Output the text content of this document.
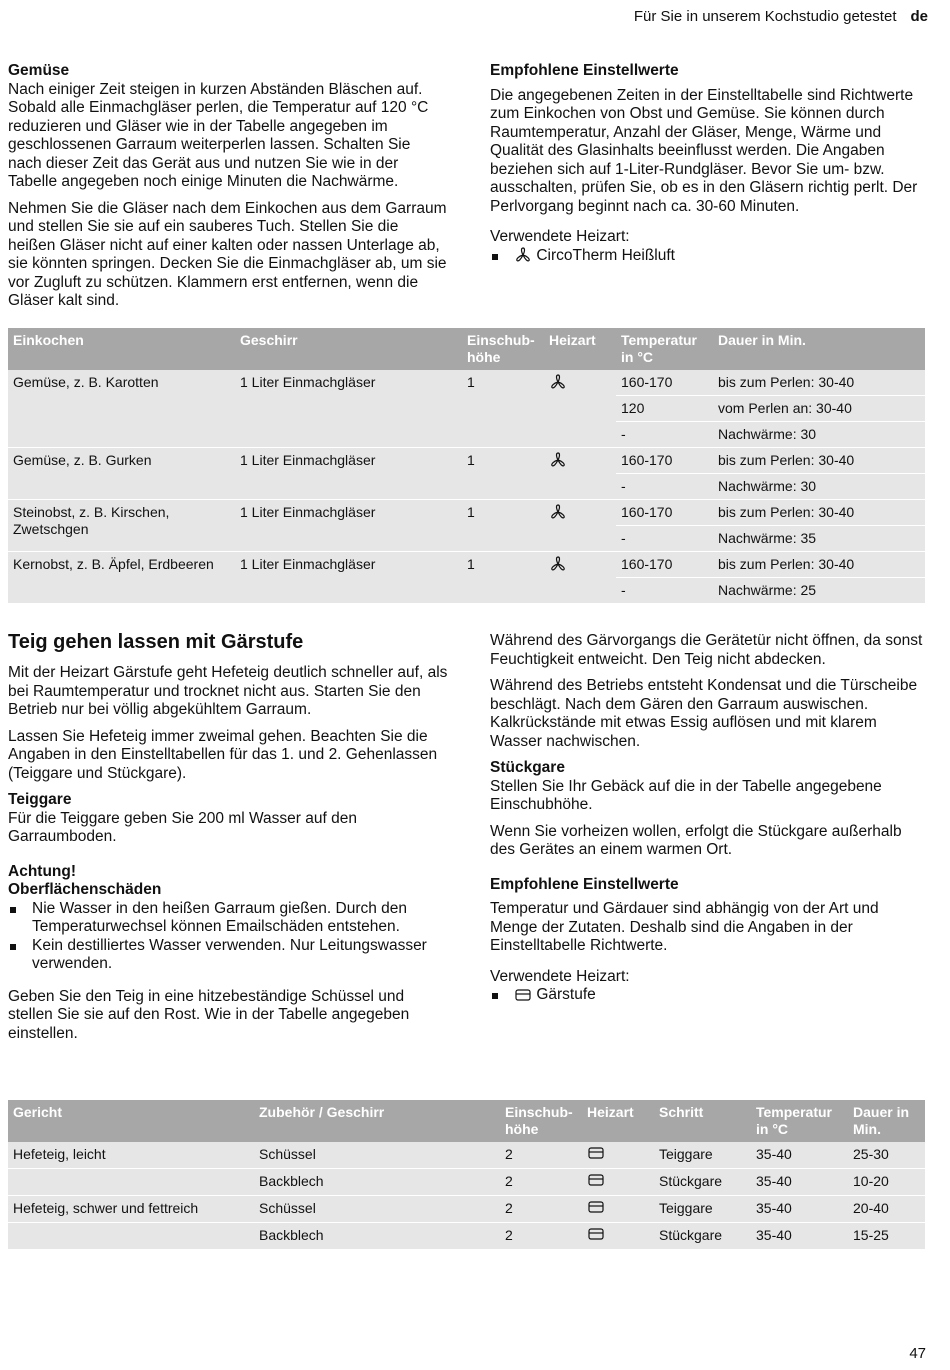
Für Sie in unserem Kochstudio getestet de
Gemüse

Nach einiger Zeit steigen in kurzen Abständen Bläschen auf. Sobald alle Einmachgläser perlen, die Temperatur auf 120 °C reduzieren und Gläser wie in der Tabelle angegeben im geschlossenen Garraum weiterperlen lassen. Schalten Sie nach dieser Zeit das Gerät aus und nutzen Sie wie in der Tabelle angegeben noch einige Minuten die Nachwärme.

Nehmen Sie die Gläser nach dem Einkochen aus dem Garraum und stellen Sie sie auf ein sauberes Tuch. Stellen Sie die heißen Gläser nicht auf einer kalten oder nassen Unterlage ab, sie könnten springen. Decken Sie die Einmachgläser ab, um sie vor Zugluft zu schützen. Klammern erst entfernen, wenn die Gläser kalt sind.

Empfohlene Einstellwerte

Die angegebenen Zeiten in der Einstelltabelle sind Richtwerte zum Einkochen von Obst und Gemüse. Sie können durch Raumtemperatur, Anzahl der Gläser, Menge, Wärme und Qualität des Glasinhalts beeinflusst werden. Die Angaben beziehen sich auf 1-Liter-Rundgläser. Bevor Sie um- bzw. ausschalten, prüfen Sie, ob es in den Gläsern richtig perlt. Der Perlvorgang beginnt nach ca. 30-60 Minuten.

Verwendete Heizart:
CircoTherm Heißluft
Einkochen	Geschirr	Einschub-höhe	Heizart	Temperatur in °C	Dauer in Min.
Gemüse, z. B. Karotten	1 Liter Einmachgläser	1		160-170	bis zum Perlen: 30-40
				120	vom Perlen an: 30-40
				-	Nachwärme: 30
Gemüse, z. B. Gurken	1 Liter Einmachgläser	1		160-170	bis zum Perlen: 30-40
				-	Nachwärme: 30
Steinobst, z. B. Kirschen, Zwetschgen	1 Liter Einmachgläser	1		160-170	bis zum Perlen: 30-40
				-	Nachwärme: 35
Kernobst, z. B. Äpfel, Erdbeeren	1 Liter Einmachgläser	1		160-170	bis zum Perlen: 30-40
				-	Nachwärme: 25
Teig gehen lassen mit Gärstufe

Mit der Heizart Gärstufe geht Hefeteig deutlich schneller auf, als bei Raumtemperatur und trocknet nicht aus. Starten Sie den Betrieb nur bei völlig abgekühltem Garraum.

Lassen Sie Hefeteig immer zweimal gehen. Beachten Sie die Angaben in den Einstelltabellen für das 1. und 2. Gehenlassen (Teiggare und Stückgare).

Teiggare

Für die Teiggare geben Sie 200 ml Wasser auf den Garraumboden.

Achtung!
Oberflächenschäden
Nie Wasser in den heißen Garraum gießen. Durch den Temperaturwechsel können Emailschäden entstehen.
Kein destilliertes Wasser verwenden. Nur Leitungswasser verwenden.

Geben Sie den Teig in eine hitzebeständige Schüssel und stellen Sie sie auf den Rost. Wie in der Tabelle angegeben einstellen.

Während des Gärvorgangs die Gerätetür nicht öffnen, da sonst Feuchtigkeit entweicht. Den Teig nicht abdecken.

Während des Betriebs entsteht Kondensat und die Türscheibe beschlägt. Nach dem Gären den Garraum auswischen. Kalkrückstände mit etwas Essig auflösen und mit klarem Wasser nachwischen.

Stückgare

Stellen Sie Ihr Gebäck auf die in der Tabelle angegebene Einschubhöhe.

Wenn Sie vorheizen wollen, erfolgt die Stückgare außerhalb des Gerätes an einem warmen Ort.

Empfohlene Einstellwerte

Temperatur und Gärdauer sind abhängig von der Art und Menge der Zutaten. Deshalb sind die Angaben in der Einstelltabelle Richtwerte.

Verwendete Heizart:
Gärstufe
Gericht	Zubehör / Geschirr	Einschub-höhe	Heizart	Schritt	Temperatur in °C	Dauer in Min.
Hefeteig, leicht	Schüssel	2		Teiggare	35-40	25-30
	Backblech	2		Stückgare	35-40	10-20
Hefeteig, schwer und fettreich	Schüssel	2		Teiggare	35-40	20-40
	Backblech	2		Stückgare	35-40	15-25
47
